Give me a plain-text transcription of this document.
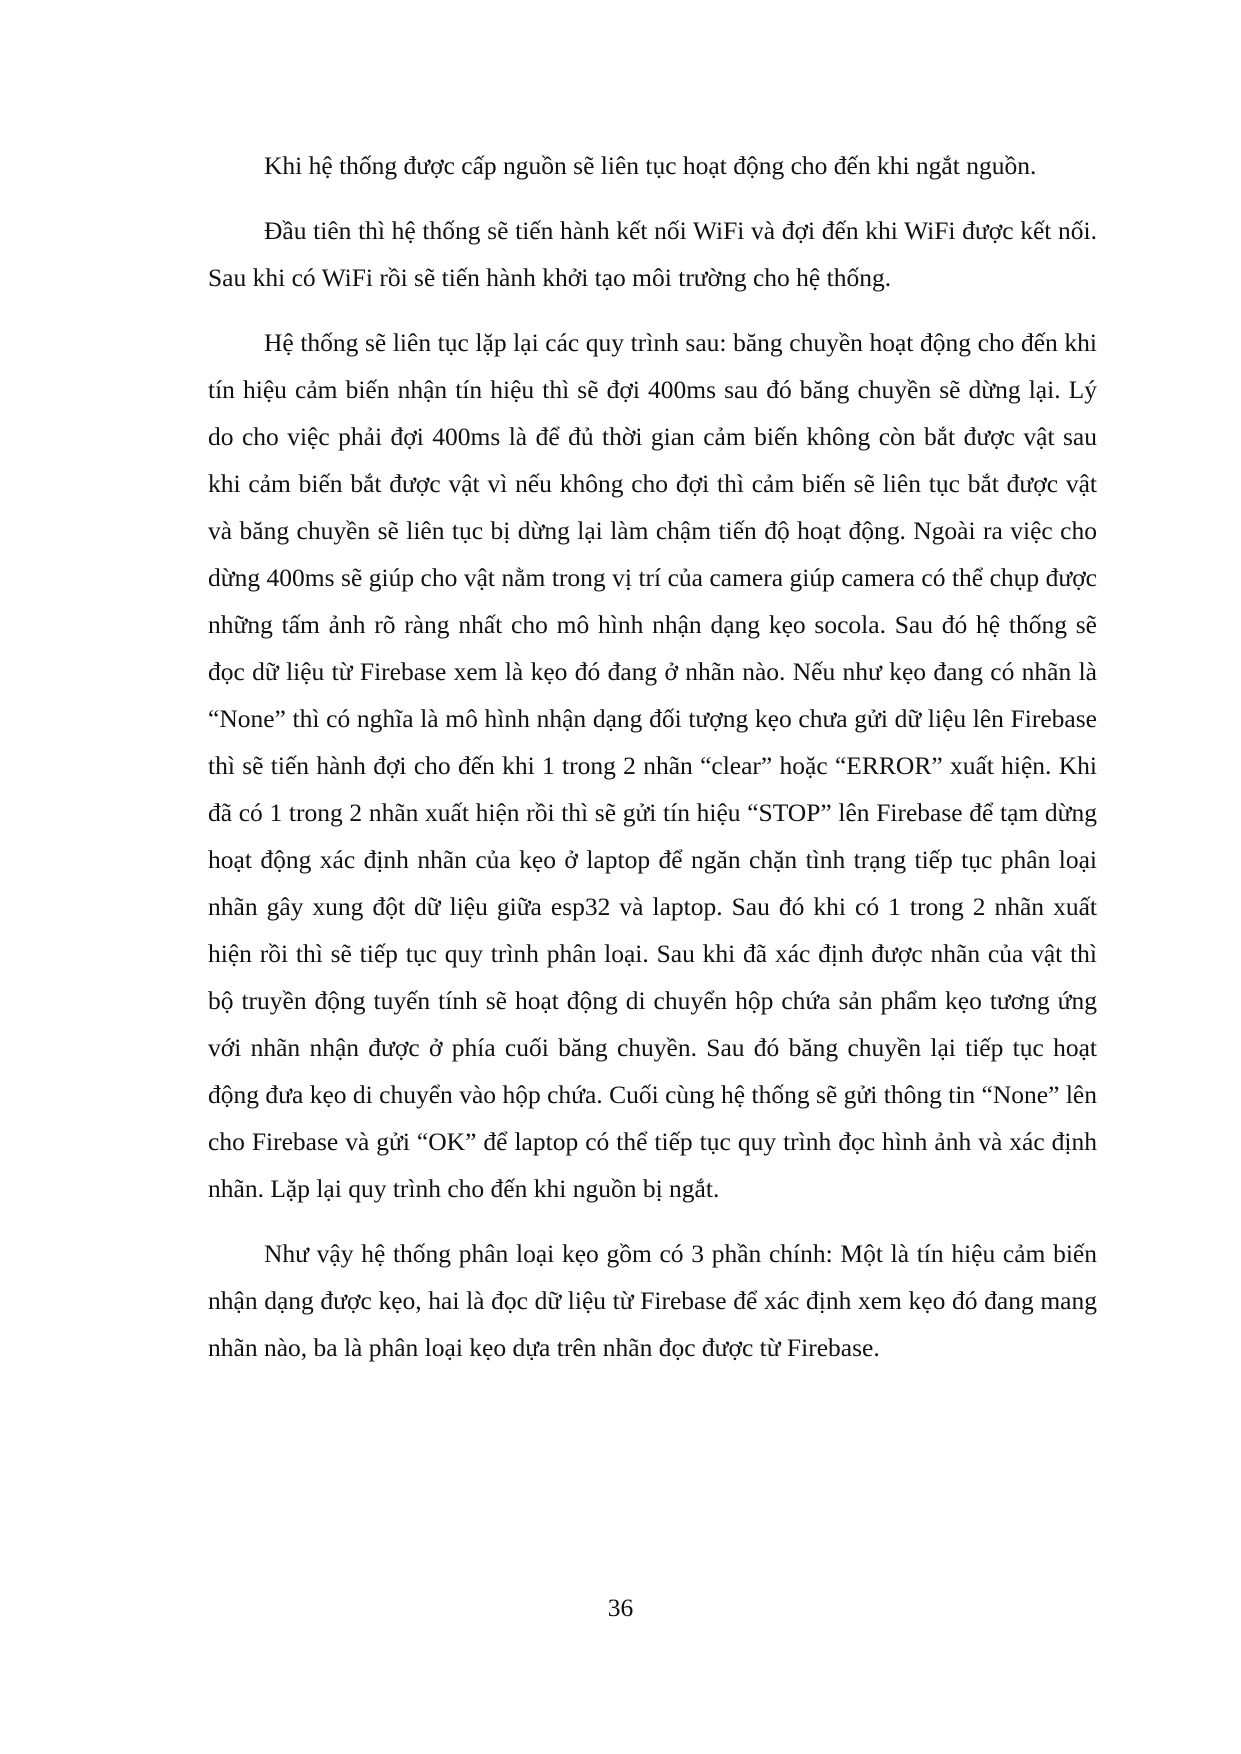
Khi hệ thống được cấp nguồn sẽ liên tục hoạt động cho đến khi ngắt nguồn.

Đầu tiên thì hệ thống sẽ tiến hành kết nối WiFi và đợi đến khi WiFi được kết nối. Sau khi có WiFi rồi sẽ tiến hành khởi tạo môi trường cho hệ thống.

Hệ thống sẽ liên tục lặp lại các quy trình sau: băng chuyền hoạt động cho đến khi tín hiệu cảm biến nhận tín hiệu thì sẽ đợi 400ms sau đó băng chuyền sẽ dừng lại. Lý do cho việc phải đợi 400ms là để đủ thời gian cảm biến không còn bắt được vật sau khi cảm biến bắt được vật vì nếu không cho đợi thì cảm biến sẽ liên tục bắt được vật và băng chuyền sẽ liên tục bị dừng lại làm chậm tiến độ hoạt động. Ngoài ra việc cho dừng 400ms sẽ giúp cho vật nằm trong vị trí của camera giúp camera có thể chụp được những tấm ảnh rõ ràng nhất cho mô hình nhận dạng kẹo socola. Sau đó hệ thống sẽ đọc dữ liệu từ Firebase xem là kẹo đó đang ở nhãn nào. Nếu như kẹo đang có nhãn là “None” thì có nghĩa là mô hình nhận dạng đối tượng kẹo chưa gửi dữ liệu lên Firebase thì sẽ tiến hành đợi cho đến khi 1 trong 2 nhãn “clear” hoặc “ERROR” xuất hiện. Khi đã có 1 trong 2 nhãn xuất hiện rồi thì sẽ gửi tín hiệu “STOP” lên Firebase để tạm dừng hoạt động xác định nhãn của kẹo ở laptop để ngăn chặn tình trạng tiếp tục phân loại nhãn gây xung đột dữ liệu giữa esp32 và laptop. Sau đó khi có 1 trong 2 nhãn xuất hiện rồi thì sẽ tiếp tục quy trình phân loại. Sau khi đã xác định được nhãn của vật thì bộ truyền động tuyến tính sẽ hoạt động di chuyển hộp chứa sản phẩm kẹo tương ứng với nhãn nhận được ở phía cuối băng chuyền. Sau đó băng chuyền lại tiếp tục hoạt động đưa kẹo di chuyển vào hộp chứa. Cuối cùng hệ thống sẽ gửi thông tin “None” lên cho Firebase và gửi “OK” để laptop có thể tiếp tục quy trình đọc hình ảnh và xác định nhãn. Lặp lại quy trình cho đến khi nguồn bị ngắt.

Như vậy hệ thống phân loại kẹo gồm có 3 phần chính: Một là tín hiệu cảm biến nhận dạng được kẹo, hai là đọc dữ liệu từ Firebase để xác định xem kẹo đó đang mang nhãn nào, ba là phân loại kẹo dựa trên nhãn đọc được từ Firebase.

36
